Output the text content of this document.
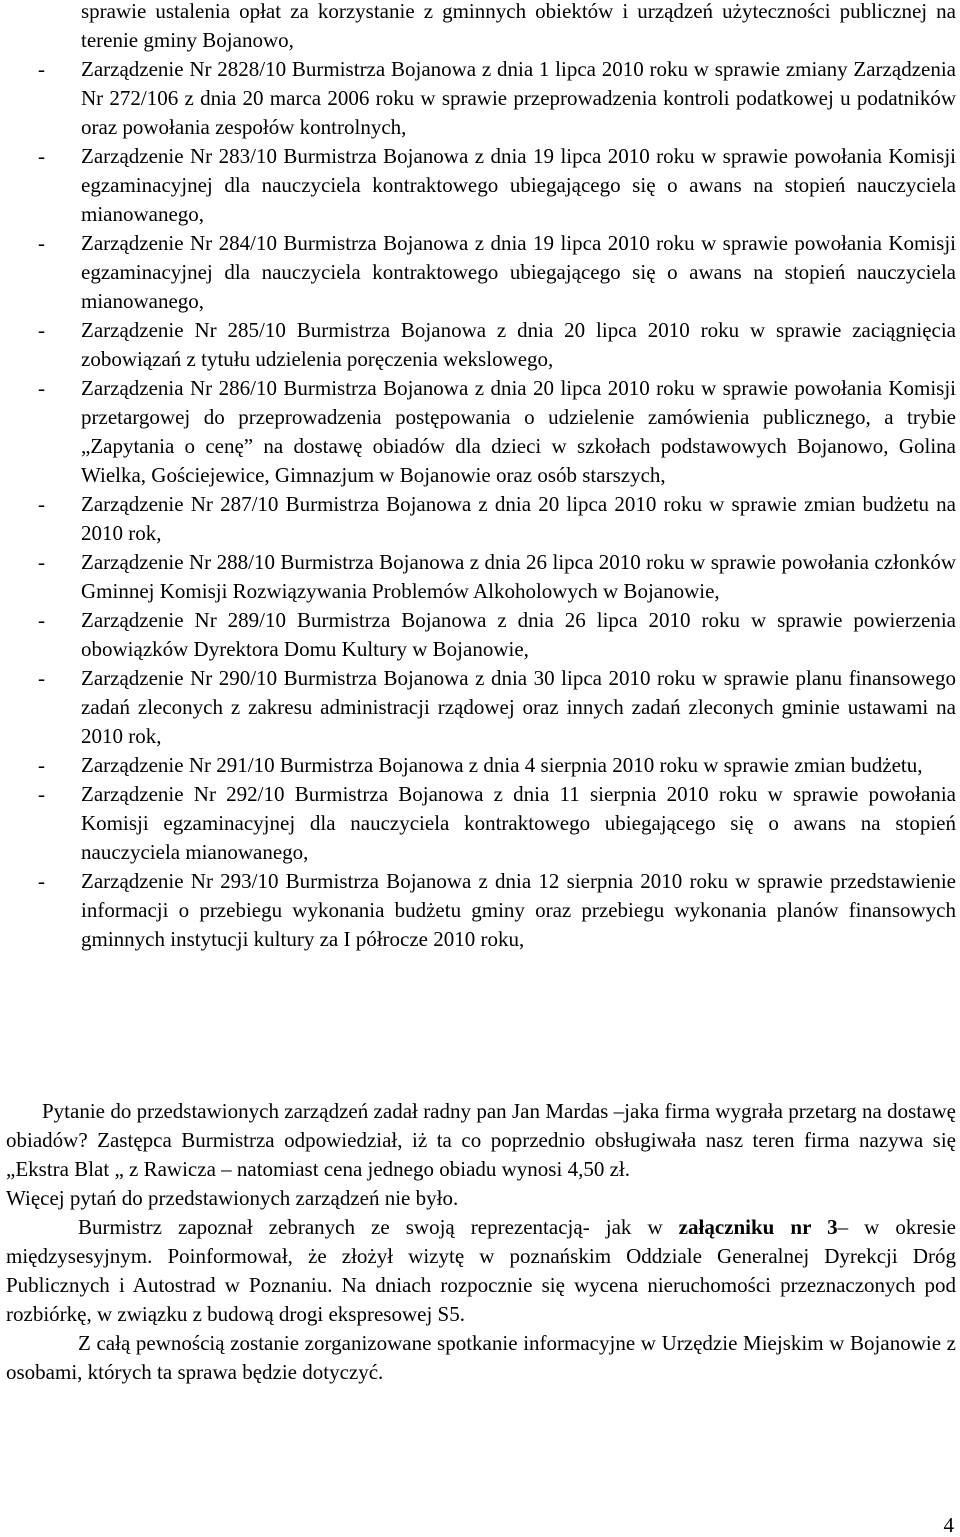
sprawie ustalenia opłat za korzystanie z gminnych obiektów i urządzeń użyteczności publicznej na terenie gminy Bojanowo,
- Zarządzenie Nr 2828/10 Burmistrza Bojanowa z dnia 1 lipca 2010 roku w sprawie zmiany Zarządzenia Nr 272/106 z dnia 20 marca 2006 roku w sprawie przeprowadzenia kontroli podatkowej u podatników oraz powołania zespołów kontrolnych,
- Zarządzenie Nr 283/10 Burmistrza Bojanowa z dnia 19 lipca 2010 roku w sprawie powołania Komisji egzaminacyjnej dla nauczyciela kontraktowego ubiegającego się o awans na stopień nauczyciela mianowanego,
- Zarządzenie Nr 284/10 Burmistrza Bojanowa z dnia 19 lipca 2010 roku w sprawie powołania Komisji egzaminacyjnej dla nauczyciela kontraktowego ubiegającego się o awans na stopień nauczyciela mianowanego,
- Zarządzenie Nr 285/10 Burmistrza Bojanowa z dnia 20 lipca 2010 roku w sprawie zaciągnięcia zobowiązań z tytułu udzielenia poręczenia wekslowego,
- Zarządzenia Nr 286/10 Burmistrza Bojanowa z dnia 20 lipca 2010 roku w sprawie powołania Komisji przetargowej do przeprowadzenia postępowania o udzielenie zamówienia publicznego, a trybie „Zapytania o cenę” na dostawę obiadów dla dzieci w szkołach podstawowych Bojanowo, Golina Wielka, Gościejewice, Gimnazjum w Bojanowie oraz osób starszych,
- Zarządzenie Nr 287/10 Burmistrza Bojanowa z dnia 20 lipca 2010 roku w sprawie zmian budżetu na 2010 rok,
- Zarządzenie Nr 288/10 Burmistrza Bojanowa z dnia 26 lipca 2010 roku w sprawie powołania członków Gminnej Komisji Rozwiązywania Problemów Alkoholowych w Bojanowie,
- Zarządzenie Nr 289/10 Burmistrza Bojanowa z dnia 26 lipca 2010 roku w sprawie powierzenia obowiązków Dyrektora Domu Kultury w Bojanowie,
- Zarządzenie Nr 290/10 Burmistrza Bojanowa z dnia 30 lipca 2010 roku w sprawie planu finansowego zadań zleconych z zakresu administracji rządowej oraz innych zadań zleconych gminie ustawami na 2010 rok,
- Zarządzenie Nr 291/10 Burmistrza Bojanowa z dnia 4 sierpnia 2010 roku w sprawie zmian budżetu,
- Zarządzenie Nr 292/10 Burmistrza Bojanowa z dnia 11 sierpnia 2010 roku w sprawie powołania Komisji egzaminacyjnej dla nauczyciela kontraktowego ubiegającego się o awans na stopień nauczyciela mianowanego,
- Zarządzenie Nr 293/10 Burmistrza Bojanowa z dnia 12 sierpnia 2010 roku w sprawie przedstawienie informacji o przebiegu wykonania budżetu gminy oraz przebiegu wykonania planów finansowych gminnych instytucji kultury za I półrocze 2010 roku,

Pytanie do przedstawionych zarządzeń zadał radny pan Jan Mardas –jaka firma wygrała przetarg na dostawę obiadów? Zastępca Burmistrza odpowiedział, iż ta co poprzednio obsługiwała nasz teren firma nazywa się „Ekstra Blat „ z Rawicza – natomiast cena jednego obiadu wynosi 4,50 zł.

Więcej pytań do przedstawionych zarządzeń nie było.

Burmistrz zapoznał zebranych ze swoją reprezentacją- jak w załączniku nr 3– w okresie międzysesyjnym. Poinformował, że złożył wizytę w poznańskim Oddziale Generalnej Dyrekcji Dróg Publicznych i Autostrad w Poznaniu. Na dniach rozpocznie się wycena nieruchomości przeznaczonych pod rozbiórkę, w związku z budową drogi ekspresowej S5.

Z całą pewnością zostanie zorganizowane spotkanie informacyjne w Urzędzie Miejskim w Bojanowie z osobami, których ta sprawa będzie dotyczyć.

4
